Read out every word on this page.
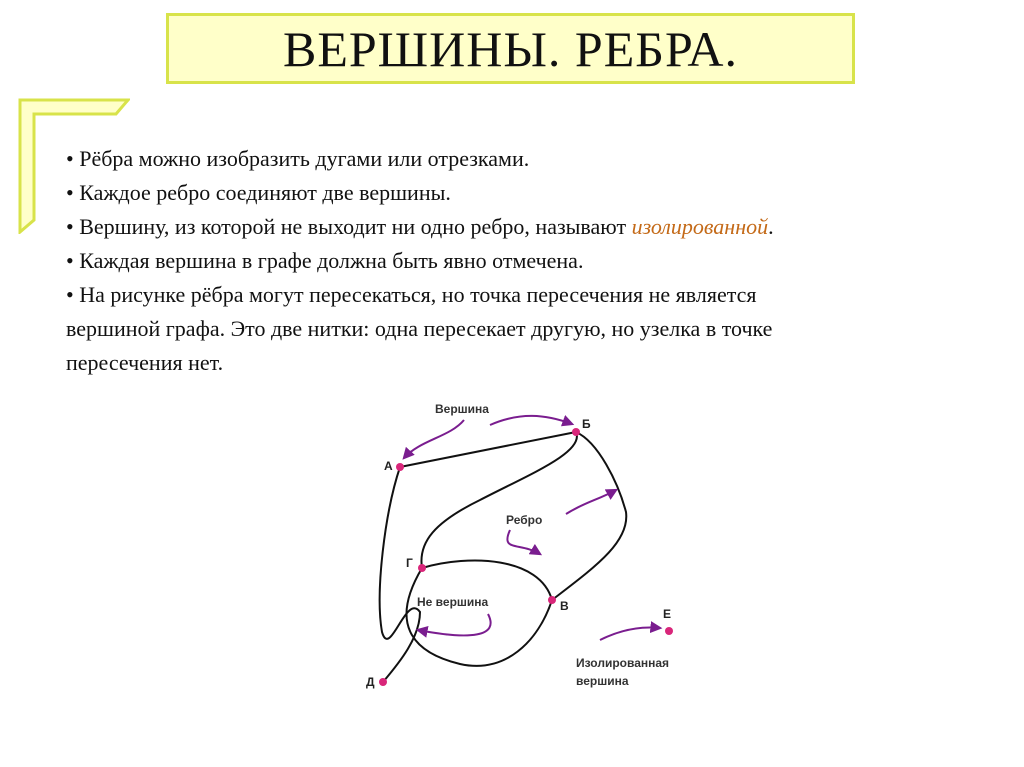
ВЕРШИНЫ. РЕБРА.
• Рёбра можно изобразить дугами или отрезками.
• Каждое ребро соединяют две вершины.
• Вершину, из которой не выходит ни одно ребро, называют изолированной.
• Каждая вершина в графе должна быть явно отмечена.
• На рисунке рёбра могут пересекаться, но точка пересечения не является
вершиной графа. Это две нитки: одна пересекает другую, но узелка в точке
пересечения нет.
А
Б
Г
В
Д
Е
Вершина
Ребро
Не вершина
Изолированная
вершина
